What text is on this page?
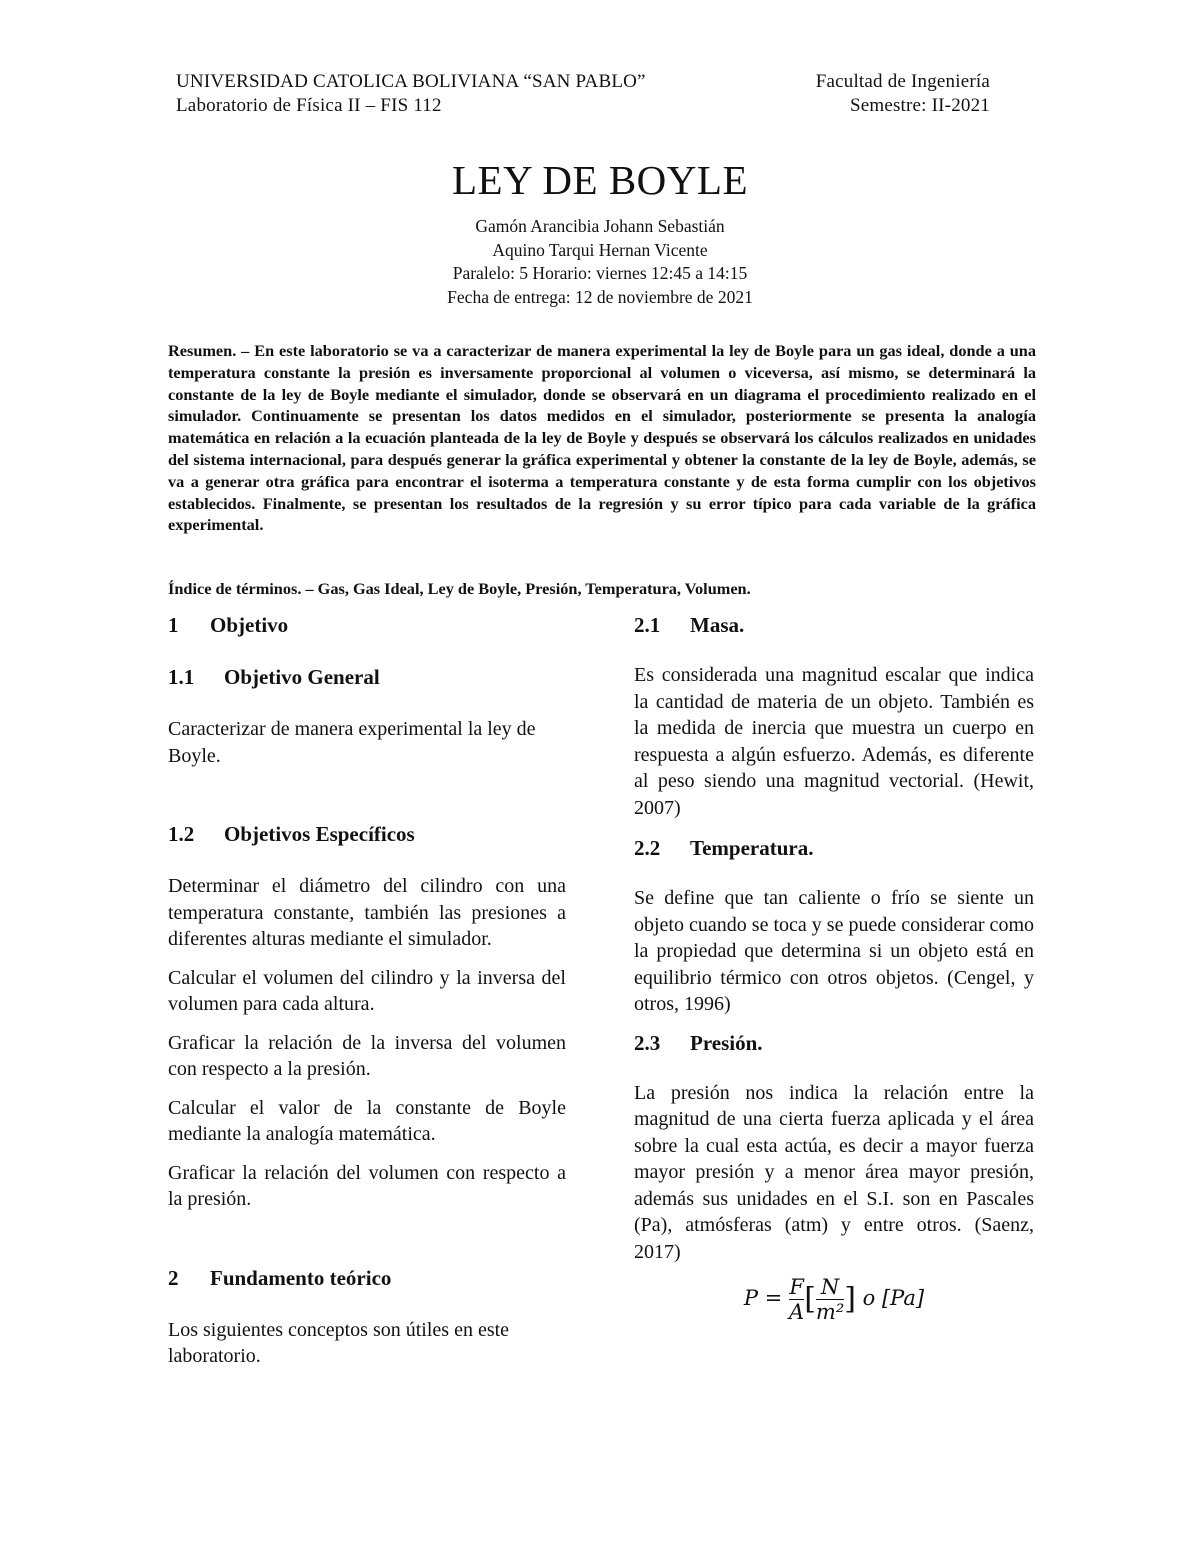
UNIVERSIDAD CATOLICA BOLIVIANA “SAN PABLO”	Facultad de Ingeniería
Laboratorio de Física II – FIS 112	Semestre: II-2021
LEY DE BOYLE
Gamón Arancibia Johann Sebastián
Aquino Tarqui Hernan Vicente
Paralelo: 5 Horario: viernes 12:45 a 14:15
Fecha de entrega: 12 de noviembre de 2021
Resumen. – En este laboratorio se va a caracterizar de manera experimental la ley de Boyle para un gas ideal, donde a una temperatura constante la presión es inversamente proporcional al volumen o viceversa, así mismo, se determinará la constante de la ley de Boyle mediante el simulador, donde se observará en un diagrama el procedimiento realizado en el simulador. Continuamente se presentan los datos medidos en el simulador, posteriormente se presenta la analogía matemática en relación a la ecuación planteada de la ley de Boyle y después se observará los cálculos realizados en unidades del sistema internacional, para después generar la gráfica experimental y obtener la constante de la ley de Boyle, además, se va a generar otra gráfica para encontrar el isoterma a temperatura constante y de esta forma cumplir con los objetivos establecidos. Finalmente, se presentan los resultados de la regresión y su error típico para cada variable de la gráfica experimental.
Índice de términos. – Gas, Gas Ideal, Ley de Boyle, Presión, Temperatura, Volumen.
1 Objetivo
1.1 Objetivo General

Caracterizar de manera experimental la ley de Boyle.

1.2 Objetivos Específicos

Determinar el diámetro del cilindro con una temperatura constante, también las presiones a diferentes alturas mediante el simulador.

Calcular el volumen del cilindro y la inversa del volumen para cada altura.

Graficar la relación de la inversa del volumen con respecto a la presión.

Calcular el valor de la constante de Boyle mediante la analogía matemática.

Graficar la relación del volumen con respecto a la presión.

2 Fundamento teórico

Los siguientes conceptos son útiles en este laboratorio.

2.1 Masa.

Es considerada una magnitud escalar que indica la cantidad de materia de un objeto. También es la medida de inercia que muestra un cuerpo en respuesta a algún esfuerzo. Además, es diferente al peso siendo una magnitud vectorial. (Hewit, 2007)

2.2 Temperatura.

Se define que tan caliente o frío se siente un objeto cuando se toca y se puede considerar como la propiedad que determina si un objeto está en equilibrio térmico con otros objetos. (Cengel, y otros, 1996)

2.3 Presión.

La presión nos indica la relación entre la magnitud de una cierta fuerza aplicada y el área sobre la cual esta actúa, es decir a mayor fuerza mayor presión y a menor área mayor presión, además sus unidades en el S.I. son en Pascales (Pa), atmósferas (atm) y entre otros. (Saenz, 2017)

$P = \frac{F}{A}$ [ $\frac{N}{\text{m²}}$ ] o [Pa]
